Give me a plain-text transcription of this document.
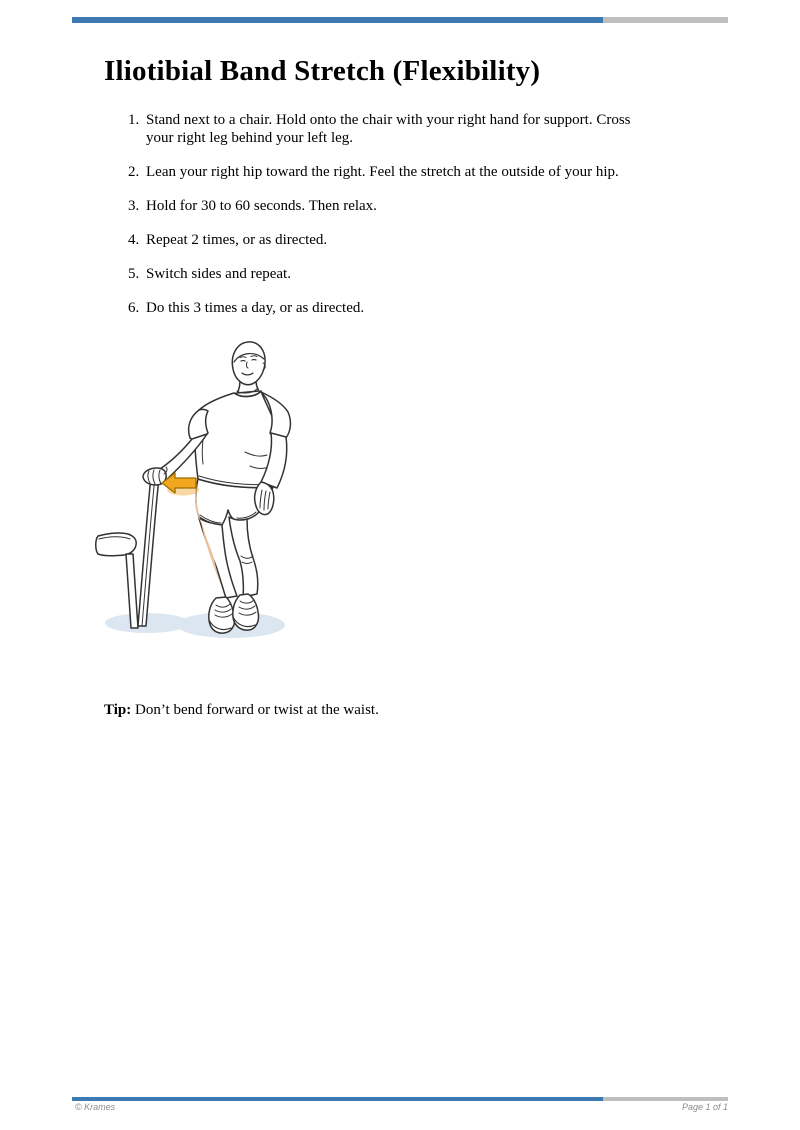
Iliotibial Band Stretch (Flexibility)
1. Stand next to a chair. Hold onto the chair with your right hand for support. Cross
your right leg behind your left leg.
2. Lean your right hip toward the right. Feel the stretch at the outside of your hip.
3. Hold for 30 to 60 seconds. Then relax.
4. Repeat 2 times, or as directed.
5. Switch sides and repeat.
6. Do this 3 times a day, or as directed.

Tip: Don’t bend forward or twist at the waist.

© Krames	Page 1 of 1
